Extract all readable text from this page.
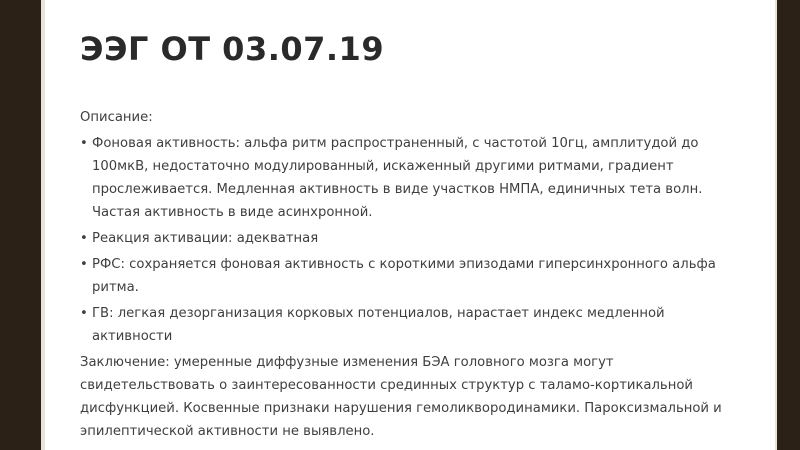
ЭЭГ ОТ 03.07.19

Описание:

• Фоновая активность: альфа ритм распространенный, с частотой 10гц, амплитудой до 100мкВ, недостаточно модулированный, искаженный другими ритмами, градиент прослеживается. Медленная активность в виде участков НМПА, единичных тета волн. Частая активность в виде асинхронной.
• Реакция активации: адекватная
• РФС: сохраняется фоновая активность с короткими эпизодами гиперсинхронного альфа ритма.
• ГВ: легкая дезорганизация корковых потенциалов, нарастает индекс медленной активности

Заключение: умеренные диффузные изменения БЭА головного мозга могут свидетельствовать о заинтересованности срединных структур с таламо-кортикальной дисфункцией. Косвенные признаки нарушения гемоликвородинамики. Пароксизмальной и эпилептической активности не выявлено.
